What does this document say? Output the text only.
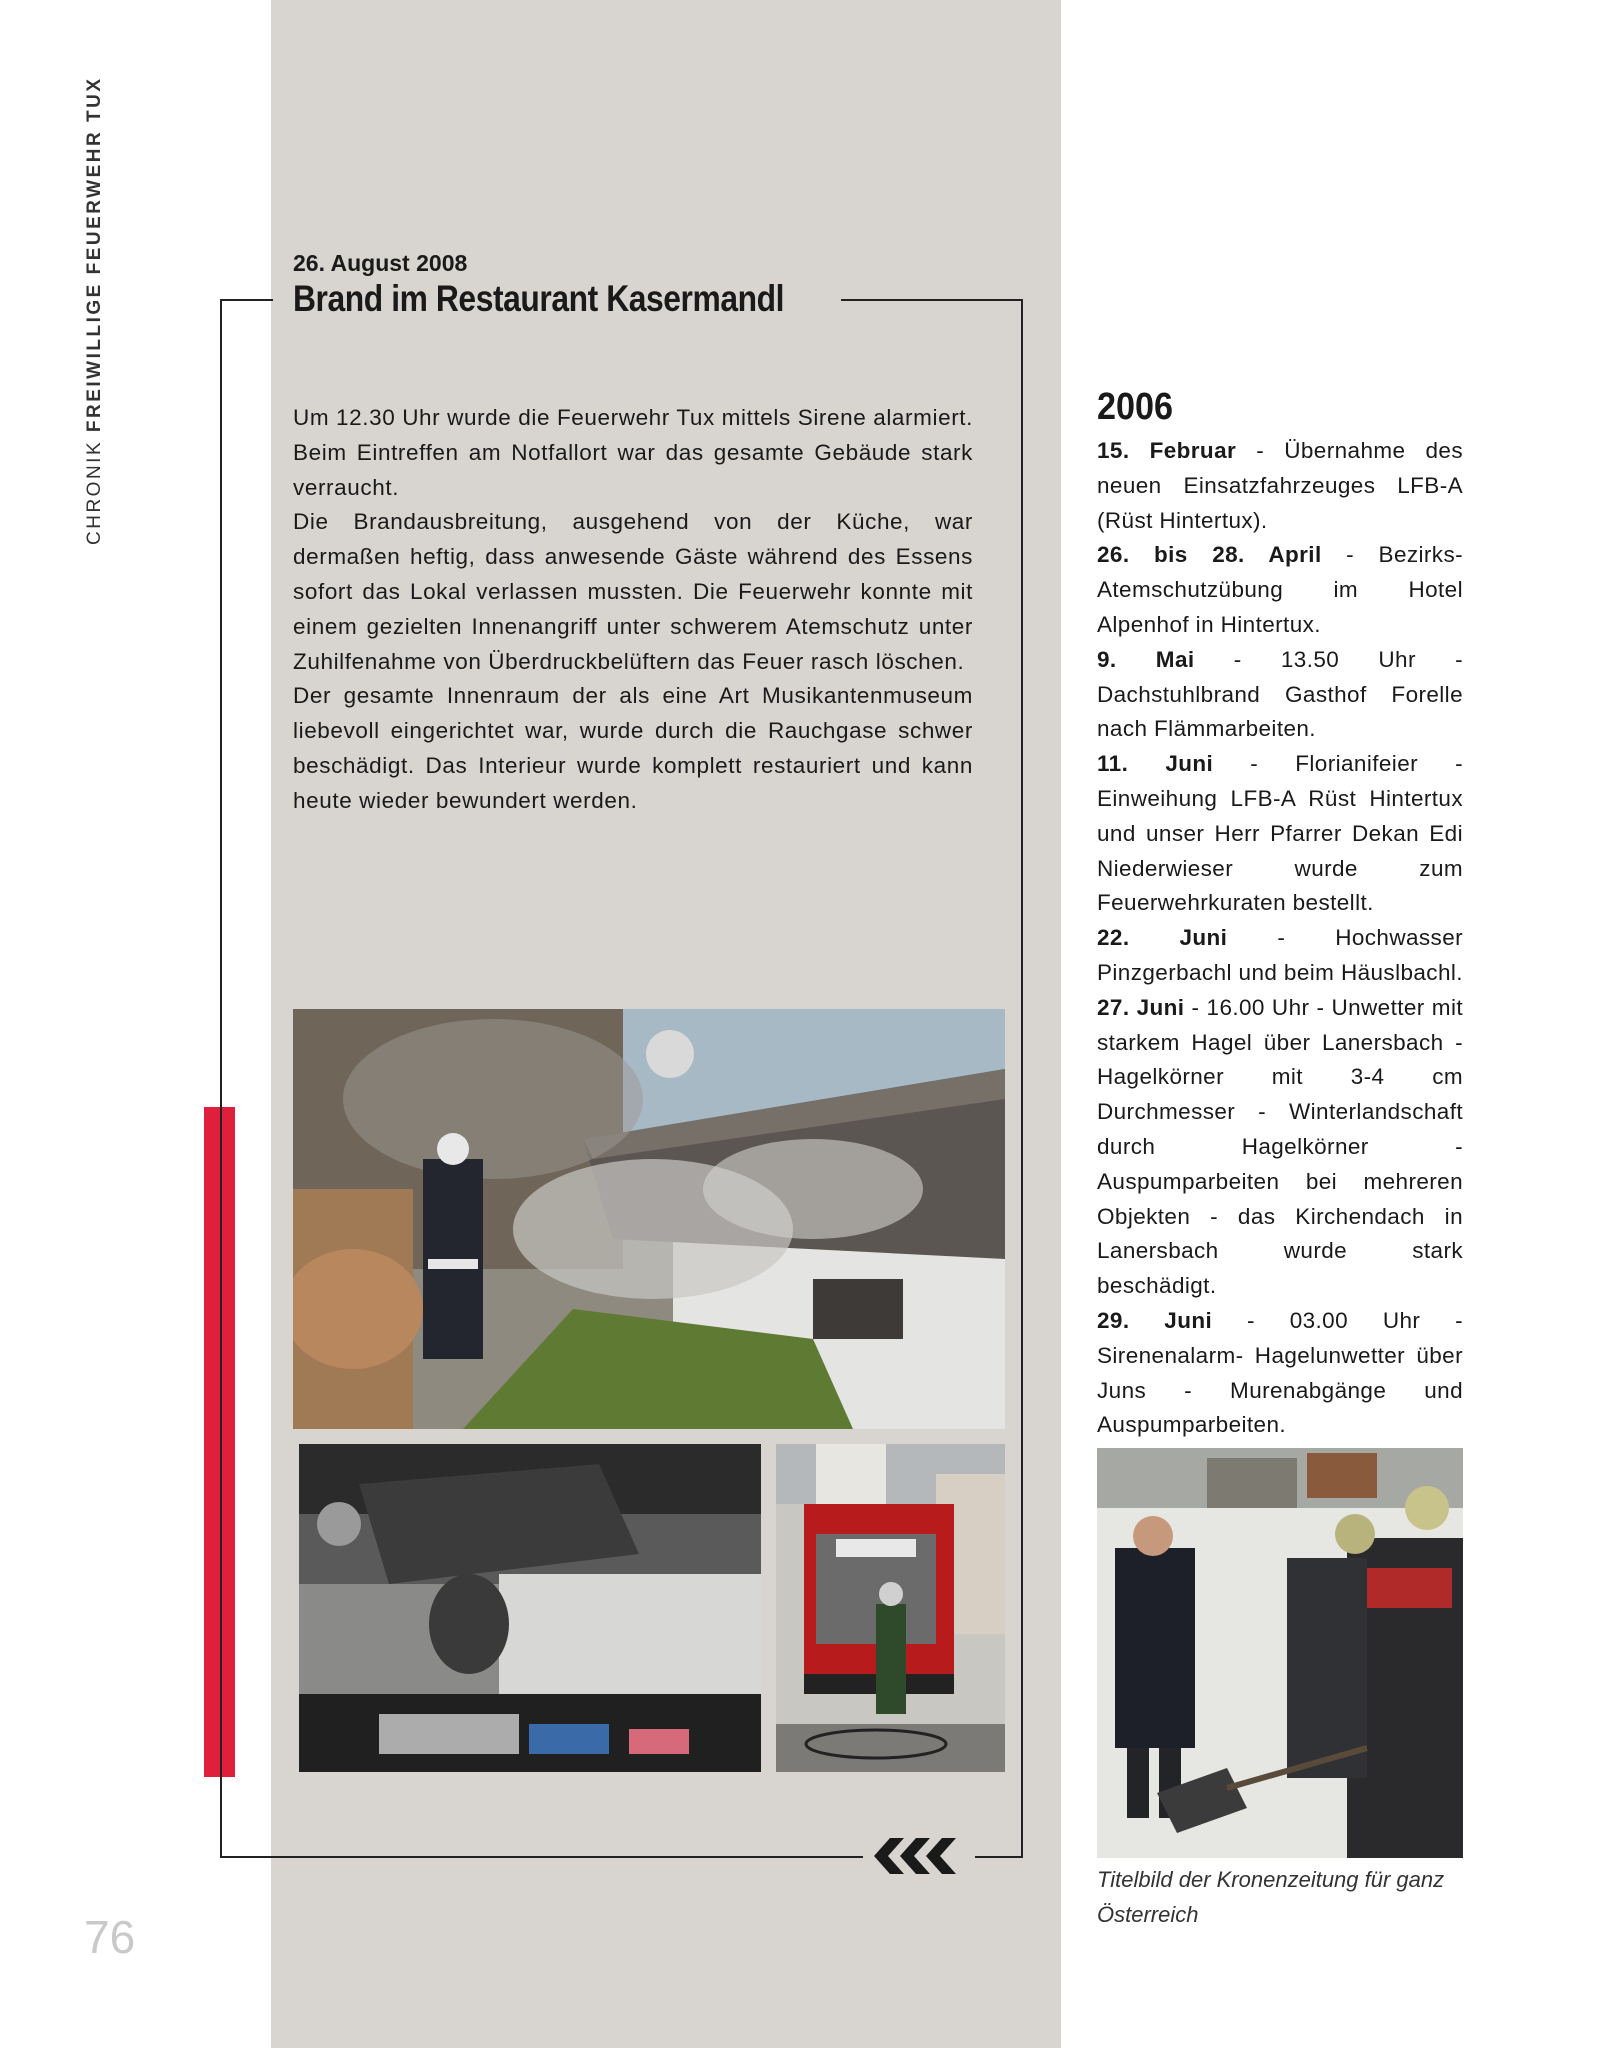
CHRONIK FREIWILLIGE FEUERWEHR TUX
76
26. August 2008
Brand im Restaurant Kasermandl

Um 12.30 Uhr wurde die Feuerwehr Tux mittels Sirene alarmiert. Beim Eintreffen am Notfallort war das gesamte Gebäude stark verraucht.

Die Brandausbreitung, ausgehend von der Küche, war dermaßen heftig, dass anwesende Gäste während des Essens sofort das Lokal verlassen mussten. Die Feuerwehr konnte mit einem gezielten Innenangriff unter schwerem Atemschutz unter Zuhilfenahme von Überdruckbelüftern das Feuer rasch löschen.

Der gesamte Innenraum der als eine Art Musikantenmuseum liebevoll eingerichtet war, wurde durch die Rauchgase schwer beschädigt. Das Interieur wurde komplett restauriert und kann heute wieder bewundert werden.

2006

15. Februar - Übernahme des neuen Einsatzfahrzeuges LFB-A (Rüst Hintertux).

26. bis 28. April - Bezirks-Atemschutzübung im Hotel Alpenhof in Hintertux.

9. Mai - 13.50 Uhr - Dachstuhlbrand Gasthof Forelle nach Flämmarbeiten.

11. Juni - Florianifeier - Einweihung LFB-A Rüst Hintertux und unser Herr Pfarrer Dekan Edi Niederwieser wurde zum Feuerwehrkuraten bestellt.

22. Juni - Hochwasser Pinzgerbachl und beim Häuslbachl.

27. Juni - 16.00 Uhr - Unwetter mit starkem Hagel über Lanersbach - Hagelkörner mit 3-4 cm Durchmesser - Winterlandschaft durch Hagelkörner - Auspumparbeiten bei mehreren Objekten - das Kirchendach in Lanersbach wurde stark beschädigt.

29. Juni - 03.00 Uhr - Sirenenalarm- Hagelunwetter über Juns - Murenabgänge und Auspumparbeiten.

Titelbild der Kronenzeitung für ganz Österreich
